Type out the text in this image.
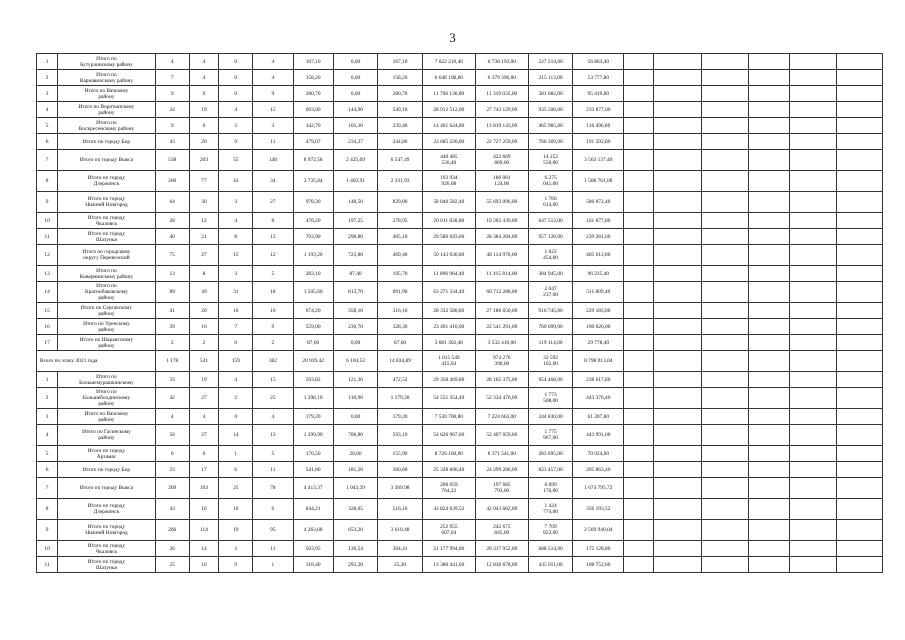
3
1	Итого по
Бутурлинскому району	4	4	0	4	167,10	0,00	167,10	7 022 210,40	6 738 193,00	227 214,00	56 803,40						
2	Итого по
Варнавинскому району	7	4	0	4	158,20	0,00	158,20	6 648 198,80	6 379 396,00	215 113,00	53 777,80						
3	Итого по Вачскому
району	9	9	0	9	280,70	0,00	280,70	11 796 136,80	11 319 035,00	381 682,00	95 419,80						
4	Итого по Воротынскому
району	34	19	4	15	693,00	144,90	549,10	28 912 512,00	27 743 129,00	935 506,00	233 877,00						
5	Итого по
Воскресенскому району	9	6	3	3	342,70	103,30	239,40	14 401 624,80	13 819 143,00	465 985,00	116 496,80						
6	Итого по городу Бор	43	20	9	11	479,07	234,27	244,80	23 685 220,80	22 727 259,00	766 369,00	191 592,80						
7	Итого по городу Выкса	538	203	55	148	8 972,58	2 425,09	6 547,49	440 485
556,40	422 669
869,00	14 252
550,00	3 563 137,40						
8	Итого по городу
Дзержинск	260	77	43	34	3 735,84	1 403,91	2 331,93	193 934
926,08	186 081
124,00	6 275
041,00	1 568 761,08						
9	Итого по городу
Нижний Новгород	64	30	3	27	978,30	148,50	829,80	58 040 582,40	55 693 096,00	1 760
614,00	586 872,40						
10	Итого по городу
Чкаловск	28	12	4	8	476,20	197,25	278,95	20 011 828,80	19 202 439,00	647 512,00	161 877,80						
11	Итого по городу
Шахунья	40	21	8	13	703,90	298,80	405,10	29 580 693,60	28 384 284,00	957 128,00	239 281,60						
12	Итого по городскому
округу Перевозский	75	27	15	12	1 193,20	723,80	469,40	50 143 036,80	48 114 970,00	1 622
454,00	405 612,80						
13	Итого по
Ковернинскому району	13	8	3	5	283,10	87,40	195,70	11 896 964,40	11 415 814,00	384 945,00	96 235,40						
14	Итого по
Краснобаковскому
району	89	49	31	18	1 505,60	813,70	691,90	63 271 334,40	60 712 288,00	2 047
237,00	511 809,40						
15	Итого по Сергачскому
району	41	20	10	10	674,20	358,10	316,10	28 332 580,80	27 186 650,00	916 745,00	229 185,80						
16	Итого по Уренскому
району	39	16	7	9	559,00	230,70	328,30	23 491 416,00	22 541 291,00	760 099,00	190 026,00						
17	Итого по Шарангскому
району	2	2	0	2	87,60	0,00	87,60	3 681 302,40	3 532 410,00	119 114,00	29 778,40						
Всего по этапу 2021 года		1 178	541	159	382	20 939,42	6 104,53	14 834,89	1 015 549
415,04	974 270
390,00	32 592
102,00	8 798 013,04						
1	Итого по
Большемурашкинскому	33	19	4	15	593,82	121,30	472,52	29 358 469,80	28 165 375,00	954 468,00	238 617,80						
2	Итого по
Большеболдинскому
району	42	27	2	25	1 298,10	118,90	1 179,20	54 551 354,40	52 334 470,00	1 773
508,00	443 376,40						
3	Итого по Вачскому
району	4	4	0	4	179,20	0,00	179,20	7 530 700,80	7 224 663,00	244 830,00	61 207,80						
4	Итого по Гагинскому
району	56	27	14	13	1 299,90	706,80	593,10	54 626 967,60	52 407 059,00	1 775
967,00	443 991,60						
5	Итого по городу
Арзамас	6	6	1	5	176,50	20,60	155,90	8 726 160,00	8 371 541,00	283 695,00	70 924,00						
6	Итого по городу Бор	23	17	6	11	541,80	181,20	360,60	25 328 606,40	24 299 286,00	823 457,00	205 863,40						
7	Итого по городу Выкса	269	103	25	78	4 413,37	1 043,39	3 369,98	206 059
764,22	197 685
793,00	6 699
176,00	1 674 795,72						
8	Итого по городу
Дзержинск	43	16	10	6	844,21	328,05	516,16	43 824 639,52	42 043 662,00	1 424
774,00	356 193,52						
9	Итого по городу
Нижний Новгород	266	114	19	95	4 263,68	653,20	3 610,48	252 955
607,04	242 675
845,00	7 709
822,00	2 569 940,04						
10	Итого по городу
Чкаловск	26	14	3	11	503,95	139,54	364,41	21 177 994,80	20 317 952,00	688 514,00	172 128,80						
11	Итого по городу
Шахунья	25	10	9	1	318,40	293,20	25,20	13 380 441,60	12 836 678,00	435 011,00	108 752,60						
